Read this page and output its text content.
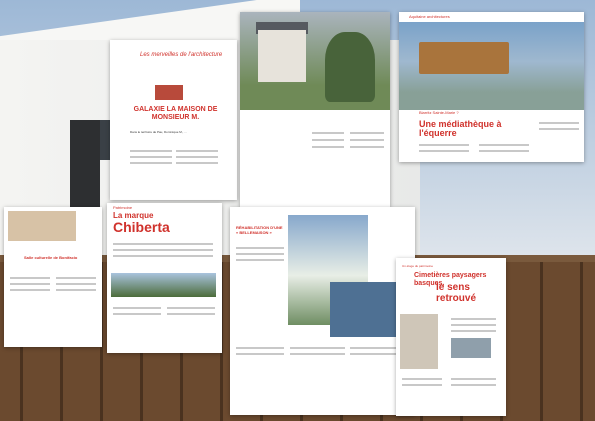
Les merveilles de l'architecture
GALAXIE LA MAISON DE MONSIEUR M.
Dans le territoire de Pau, Dominique M., ...
Aquitaine architectures
Biarritz Sainte-Marie ?
Une médiathèque à l'équerre
Salle culturelle de Bonifacio
Patrimoine
La marque
Chiberta	RÉHABILITATION D'UNE « BELLEMAISON »
Un éloge du patrimoine
Cimetières paysagers basques,
le sens retrouvé
